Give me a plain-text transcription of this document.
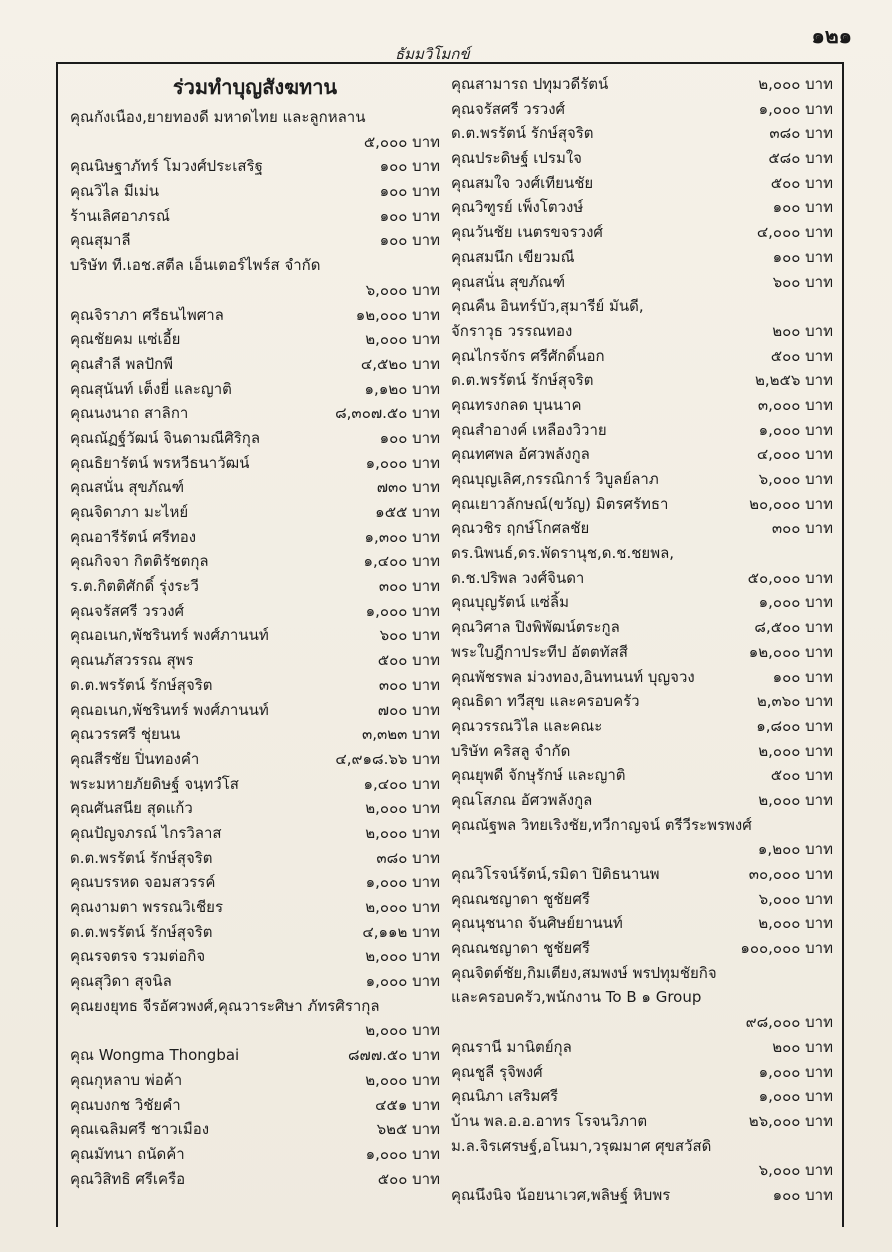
๑๒๑
ธัมมวิโมกข์
ร่วมทำบุญสังฆทาน
คุณกังเนือง,ยายทองดี มหาดไทย และลูกหลาน
๕,๐๐๐ บาท
คุณนิษฐาภัทร์ โมวงศ์ประเสริฐ	๑๐๐ บาท
คุณวิไล มีเม่น	๑๐๐ บาท
ร้านเลิศอาภรณ์	๑๐๐ บาท
คุณสุมาลี	๑๐๐ บาท
บริษัท ที.เอช.สตีล เอ็นเตอร์ไพร์ส จำกัด
๖,๐๐๐ บาท
คุณจิราภา ศรีธนไพศาล	๑๒,๐๐๐ บาท
คุณชัยคม แซ่เอี้ย	๒,๐๐๐ บาท
คุณสำลี พลปักพี	๔,๕๒๐ บาท
คุณสุนันท์ เต็งยี่ และญาติ	๑,๑๒๐ บาท
คุณนงนาถ สาลิกา	๘,๓๐๗.๕๐ บาท
คุณณัฏฐ์วัฒน์ จินดามณีศิริกุล	๑๐๐ บาท
คุณธิยารัตน์ พรหวีธนาวัฒน์	๑,๐๐๐ บาท
คุณสนั่น สุขภัณฑ์	๗๓๐ บาท
คุณจิดาภา มะไหย์	๑๕๕ บาท
คุณอารีรัตน์ ศรีทอง	๑,๓๐๐ บาท
คุณกิจจา กิตติรัชตกุล	๑,๔๐๐ บาท
ร.ต.กิตติศักดิ์ รุ่งระวี	๓๐๐ บาท
คุณจรัสศรี วรวงศ์	๑,๐๐๐ บาท
คุณอเนก,พัชรินทร์ พงศ์ภานนท์	๖๐๐ บาท
คุณนภัสวรรณ สุพร	๕๐๐ บาท
ด.ต.พรรัตน์ รักษ์สุจริต	๓๐๐ บาท
คุณอเนก,พัชรินทร์ พงศ์ภานนท์	๗๐๐ บาท
คุณวรรศรี ชุ่ยนน	๓,๓๒๓ บาท
คุณสีรชัย ปิ่นทองคำ	๔,๙๑๘.๖๖ บาท
พระมหายภัยดิษฐ์ จนฺทวํโส	๑,๔๐๐ บาท
คุณศันสนีย สุดแก้ว	๒,๐๐๐ บาท
คุณปัญจภรณ์ ไกรวิลาส	๒,๐๐๐ บาท
ด.ต.พรรัตน์ รักษ์สุจริต	๓๘๐ บาท
คุณบรรหด จอมสวรรค์	๑,๐๐๐ บาท
คุณงามตา พรรณวิเชียร	๒,๐๐๐ บาท
ด.ต.พรรัตน์ รักษ์สุจริต	๔,๑๑๒ บาท
คุณรจตรจ รวมต่อกิจ	๒,๐๐๐ บาท
คุณสุวิดา สุจนิล	๑,๐๐๐ บาท
คุณยงยุทธ จีรอัศวพงศ์,คุณวาระศิษา ภัทรศิรากุล
๒,๐๐๐ บาท
คุณ Wongma Thongbai	๘๗๗.๕๐ บาท
คุณกุหลาบ พ่อค้า	๒,๐๐๐ บาท
คุณบงกช วิชัยคำ	๔๕๑ บาท
คุณเฉลิมศรี ชาวเมือง	๖๒๕ บาท
คุณมัทนา ถนัดค้า	๑,๐๐๐ บาท
คุณวิสิทธิ ศรีเครือ	๕๐๐ บาท
คุณสามารถ ปทุมวดีรัตน์	๒,๐๐๐ บาท
คุณจรัสศรี วรวงศ์	๑,๐๐๐ บาท
ด.ต.พรรัตน์ รักษ์สุจริต	๓๘๐ บาท
คุณประดิษฐ์ เปรมใจ	๕๘๐ บาท
คุณสมใจ วงศ์เทียนชัย	๕๐๐ บาท
คุณวิฑูรย์ เพ็งโตวงษ์	๑๐๐ บาท
คุณวันชัย เนตรขจรวงศ์	๔,๐๐๐ บาท
คุณสมนึก เขียวมณี	๑๐๐ บาท
คุณสนั่น สุขภัณฑ์	๖๐๐ บาท
คุณคืน อินทร์บัว,สุมารีย์ มันดี,
จักราวุธ วรรณทอง	๒๐๐ บาท
คุณไกรจักร ศรีศักดิ์นอก	๕๐๐ บาท
ด.ต.พรรัตน์ รักษ์สุจริต	๒,๒๕๖ บาท
คุณทรงกลด บุนนาค	๓,๐๐๐ บาท
คุณสำอางค์ เหลืองวิวาย	๑,๐๐๐ บาท
คุณทศพล อัศวพลังกูล	๔,๐๐๐ บาท
คุณบุญเลิศ,กรรณิการ์ วิบูลย์ลาภ	๖,๐๐๐ บาท
คุณเยาวลักษณ์(ขวัญ) มิตรศรัทธา	๒๐,๐๐๐ บาท
คุณวชิร ฤกษ์โกศลชัย	๓๐๐ บาท
ดร.นิพนธ์,ดร.พัดรานุช,ด.ช.ชยพล,
ด.ช.ปริพล วงศ์จินดา	๕๐,๐๐๐ บาท
คุณบุญรัตน์ แซ่ลิ้ม	๑,๐๐๐ บาท
คุณวิศาล ปิงพิพัฒน์ตระกูล	๘,๕๐๐ บาท
พระใบฎีกาประทีป อัตตทัสสี	๑๒,๐๐๐ บาท
คุณพัชรพล ม่วงทอง,อินทนนท์ บุญจวง	๑๐๐ บาท
คุณธิดา ทวีสุข และครอบครัว	๒,๓๖๐ บาท
คุณวรรณวิไล และคณะ	๑,๘๐๐ บาท
บริษัท คริสลู จำกัด	๒,๐๐๐ บาท
คุณยุพดี จักษุรักษ์ และญาติ	๕๐๐ บาท
คุณโสภณ อัศวพลังกูล	๒,๐๐๐ บาท
คุณณัฐพล วิทยเริงชัย,ทวีกาญจน์ ตรีวีระพรพงศ์
๑,๒๐๐ บาท
คุณวิโรจน์รัตน์,รมิดา ปิติธนานพ	๓๐,๐๐๐ บาท
คุณณชญาดา ชูชัยศรี	๖,๐๐๐ บาท
คุณนุชนาถ จันศิษย์ยานนท์	๒,๐๐๐ บาท
คุณณชญาดา ชูชัยศรี	๑๐๐,๐๐๐ บาท
คุณจิตต์ชัย,กิมเตียง,สมพงษ์ พรปทุมชัยกิจ
และครอบครัว,พนักงาน To B ๑ Group
๙๘,๐๐๐ บาท
คุณรานี มานิตย์กุล	๒๐๐ บาท
คุณชูลี รุจิพงศ์	๑,๐๐๐ บาท
คุณนิภา เสริมศรี	๑,๐๐๐ บาท
บ้าน พล.อ.อ.อาทร โรจนวิภาต	๒๖,๐๐๐ บาท
ม.ล.จิรเศรษฐ์,อโนมา,วรุฒมาศ ศุขสวัสดิ
๖,๐๐๐ บาท
คุณนึงนิจ น้อยนาเวศ,พลิษฐ์ หิบพร	๑๐๐ บาท
